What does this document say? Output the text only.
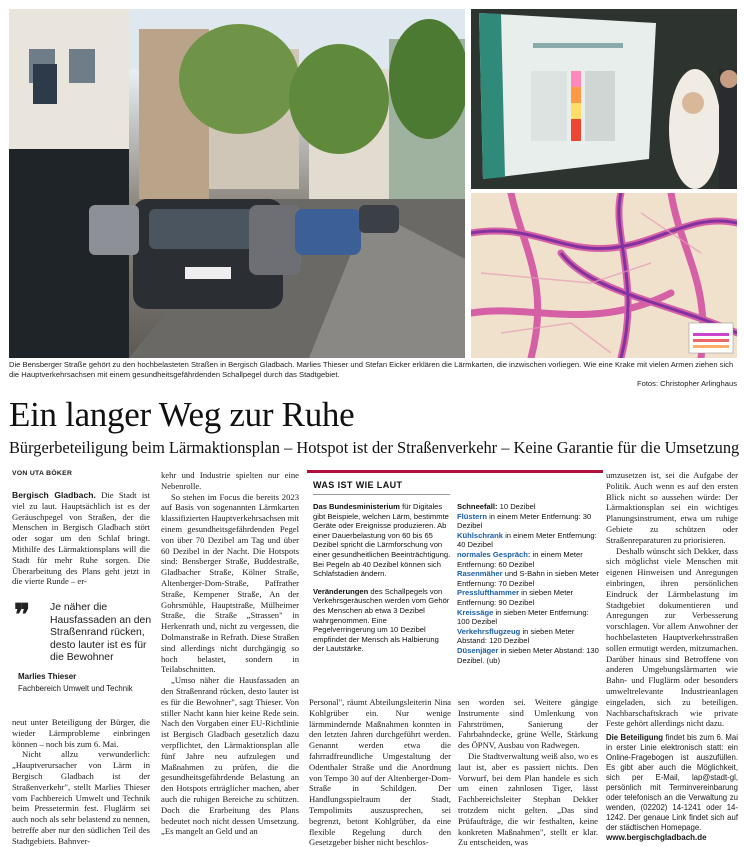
Die Bensberger Straße gehört zu den hochbelasteten Straßen in Bergisch Gladbach. Marlies Thieser und Stefan Eicker erklären die Lärmkarten, die inzwischen vorliegen. Wie eine Krake mit vielen Armen ziehen sich die Hauptverkehrsachsen mit einem gesundheitsgefährdenden Schallpegel durch das Stadtgebiet.
Fotos: Christopher Arlinghaus
Ein langer Weg zur Ruhe
Bürgerbeteiligung beim Lärmaktionsplan – Hotspot ist der Straßenverkehr – Keine Garantie für die Umsetzung
VON UTA BÖKER

Bergisch Gladbach. Die Stadt ist viel zu laut. Hauptsächlich ist es der Geräuschpegel von Straßen, der die Menschen in Bergisch Gladbach stört oder sogar um den Schlaf bringt. Mithilfe des Lärmaktionsplans will die Stadt für mehr Ruhe sorgen. Die Überarbeitung des Plans geht jetzt in die vierte Runde – er-

❞ Je näher die Hausfassaden an den Straßenrand rücken, desto lauter ist es für die Bewohner
Marlies Thieser
Fachbereich Umwelt und Technik

neut unter Beteiligung der Bürger, die wieder Lärmprobleme einbringen können – noch bis zum 6. Mai.

Nicht allzu verwunderlich: „Hauptverursacher von Lärm in Bergisch Gladbach ist der Straßenverkehr", stellt Marlies Thieser vom Fachbereich Umwelt und Technik beim Pressetermin fest. Fluglärm sei auch noch als sehr belastend zu nennen, betreffe aber nur den südlichen Teil des Stadtgebiets. Bahnver-

kehr und Industrie spielten nur eine Nebenrolle.

So stehen im Focus die bereits 2023 auf Basis von sogenannten Lärmkarten klassifizierten Hauptverkehrsachsen mit einem gesundheitsgefährdenden Pegel von über 70 Dezibel am Tag und über 60 Dezibel in der Nacht. Die Hotspots sind: Bensberger Straße, Buddestraße, Gladbacher Straße, Kölner Straße, Altenberger-Dom-Straße, Paffrather Straße, Kempener Straße, An der Gohrsmühle, Hauptstraße, Mülheimer Straße, die Straße „Strassen" in Herkenrath und, nicht zu vergessen, die Dolmanstraße in Refrath. Diese Straßen sind allerdings nicht durchgängig so hoch belastet, sondern in Teilabschnitten.

„Umso näher die Hausfassaden an den Straßenrand rücken, desto lauter ist es für die Bewohner", sagt Thieser. Von stiller Nacht kann hier keine Rede sein. Nach den Vorgaben einer EU-Richtlinie ist Bergisch Gladbach gesetzlich dazu verpflichtet, den Lärmaktionsplan alle fünf Jahre neu aufzulegen und Maßnahmen zu prüfen, die die gesundheitsgefährdende Belastung an den Hotspots erträglicher machen, aber auch die ruhigen Bereiche zu schützen. Doch die Erarbeitung des Plans bedeutet noch nicht dessen Umsetzung. „Es mangelt an Geld und an

WAS IST WIE LAUT

Das Bundesministerium für Digitales gibt Beispiele, welchen Lärm, bestimmte Geräte oder Ereignisse produzieren. Ab einer Dauerbelastung von 60 bis 65 Dezibel spricht die Lärmforschung von einer gesundheitlichen Beeinträchtigung. Bei Pegeln ab 40 Dezibel können sich Schlafstadien ändern.

Veränderungen des Schallpegels von Verkehrsgeräuschen werden vom Gehör des Menschen ab etwa 3 Dezibel wahrgenommen. Eine Pegelverringerung um 10 Dezibel empfindet der Mensch als Halbierung der Lautstärke.

Schneefall: 10 Dezibel

Flüstern in einem Meter Entfernung: 30 Dezibel

Kühlschrank in einem Meter Entfernung: 40 Dezibel

normales Gespräch: in einem Meter Entfernung: 60 Dezibel

Rasenmäher und S-Bahn in sieben Meter Entfernung: 70 Dezibel

Presslufthammer in sieben Meter Entfernung: 90 Dezibel

Kreissäge in sieben Meter Entfernung: 100 Dezibel

Verkehrsflugzeug in sieben Meter Abstand: 120 Dezibel

Düsenjäger in sieben Meter Abstand: 130 Dezibel. (ub)

Personal", räumt Abteilungsleiterin Nina Kohlgrüber ein. Nur wenige lärmmindernde Maßnahmen konnten in den letzten Jahren durchgeführt werden. Genannt werden etwa die fahrradfreundliche Umgestaltung der Odenthaler Straße und die Anordnung von Tempo 30 auf der Altenberger-Dom-Straße in Schildgen. Der Handlungsspielraum der Stadt, Tempolimits auszusprechen, sei begrenzt, betont Kohlgrüber, da eine flexible Regelung durch den Gesetzgeber bisher nicht beschlos-

sen worden sei. Weitere gängige Instrumente sind Umlenkung von Fahrströmen, Sanierung der Fahrbahndecke, grüne Welle, Stärkung des ÖPNV, Ausbau von Radwegen.

Die Stadtverwaltung weiß also, wo es laut ist, aber es passiert nichts. Den Vorwurf, bei dem Plan handele es sich um einen zahnlosen Tiger, lässt Fachbereichsleiter Stephan Dekker trotzdem nicht gelten. „Das sind Prüfaufträge, die wir festhalten, keine konkreten Maßnahmen", stellt er klar. Zu entscheiden, was

umzusetzen ist, sei die Aufgabe der Politik. Auch wenn es auf den ersten Blick nicht so aussehen würde: Der Lärmaktionsplan sei ein wichtiges Planungsinstrument, etwa um ruhige Gebiete zu schützen oder Straßenreparaturen zu priorisieren.

Deshalb wünscht sich Dekker, dass sich möglichst viele Menschen mit eigenen Hinweisen und Anregungen einbringen, ihren persönlichen Eindruck der Lärmbelastung im Stadtgebiet dokumentieren und Anregungen zur Verbesserung vorschlagen. Vor allem Anwohner der hochbelasteten Hauptverkehrsstraßen sollen ermutigt werden, mitzumachen. Darüber hinaus sind Betroffene von anderen Umgebungslärmarten wie Bahn- und Fluglärm oder besonders umweltrelevante Industrieanlagen eingeladen, sich zu beteiligen. Nachbarschaftskrach wie private Feste gehört allerdings nicht dazu.

Die Beteiligung findet bis zum 6. Mai in erster Linie elektronisch statt: ein Online-Fragebogen ist auszufüllen. Es gibt aber auch die Möglichkeit, sich per E-Mail, lap@stadt-gl, persönlich mit Terminvereinbarung oder telefonisch an die Verwaltung zu wenden, (02202) 14-1241 oder 14-1242. Der genaue Link findet sich auf der städtischen Homepage.

www.bergischgladbach.de
